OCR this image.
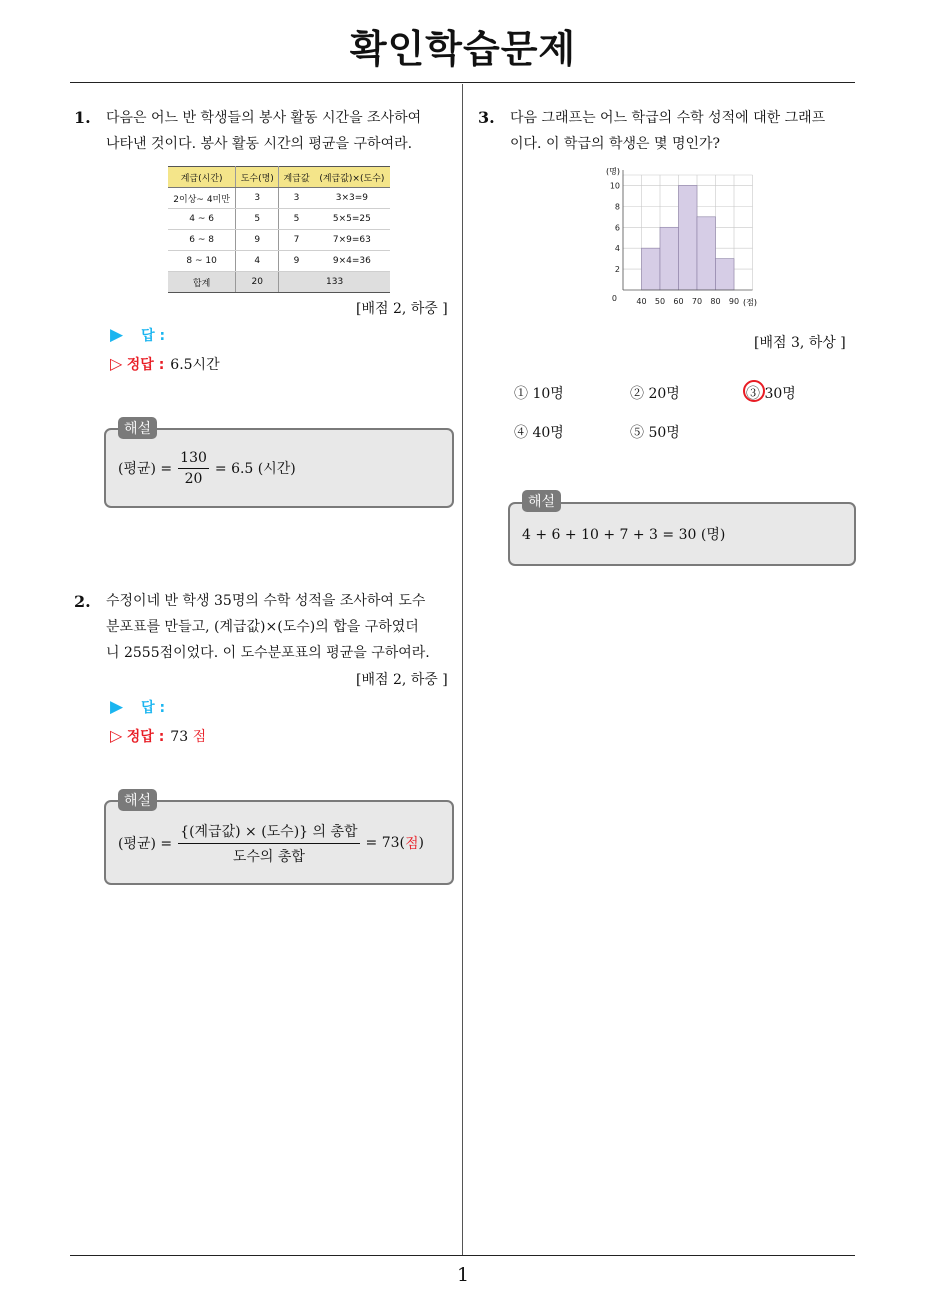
확인학습문제
1
1. 다음은 어느 반 학생들의 봉사 활동 시간을 조사하여

나타낸 것이다. 봉사 활동 시간의 평균을 구하여라.

계급(시간)	도수(명)	계급값	(계급값)×(도수)
2이상~ 4미만	3	3	3×3=9
4 ~ 6	5	5	5×5=25
6 ~ 8	9	7	7×9=63
8 ~ 10	4	9	9×4=36
합계	20	133	
[배점 2, 하중 ]
▶ 답 :
▷ 정답 : 6.5시간
해설
(평균) = $\frac{130}{20} = 6.5$ (시간)
2. 수정이네 반 학생 35명의 수학 성적을 조사하여 도수

분포표를 만들고, (계급값)×(도수)의 합을 구하였더

니 2555점이었다. 이 도수분포표의 평균을 구하여라.

[배점 2, 하중 ]
▶ 답 :
▷ 정답 : 73 점
해설
(평균) = $\frac{\text{\{(계급값) × (도수)\} 의 총합}}{\text{도수의 총합}} = 73$( 점 )
3. 다음 그래프는 어느 학급의 수학 성적에 대한 그래프

이다. 이 학급의 학생은 몇 명인가?

0
2
4
6
8
10
40 50 60 70 80 90
(명)
(점)
[배점 3, 하상 ]
① 10명	② 20명	③ 30명
④ 40명	⑤ 50명
해설
4 + 6 + 10 + 7 + 3 = 30 (명)
